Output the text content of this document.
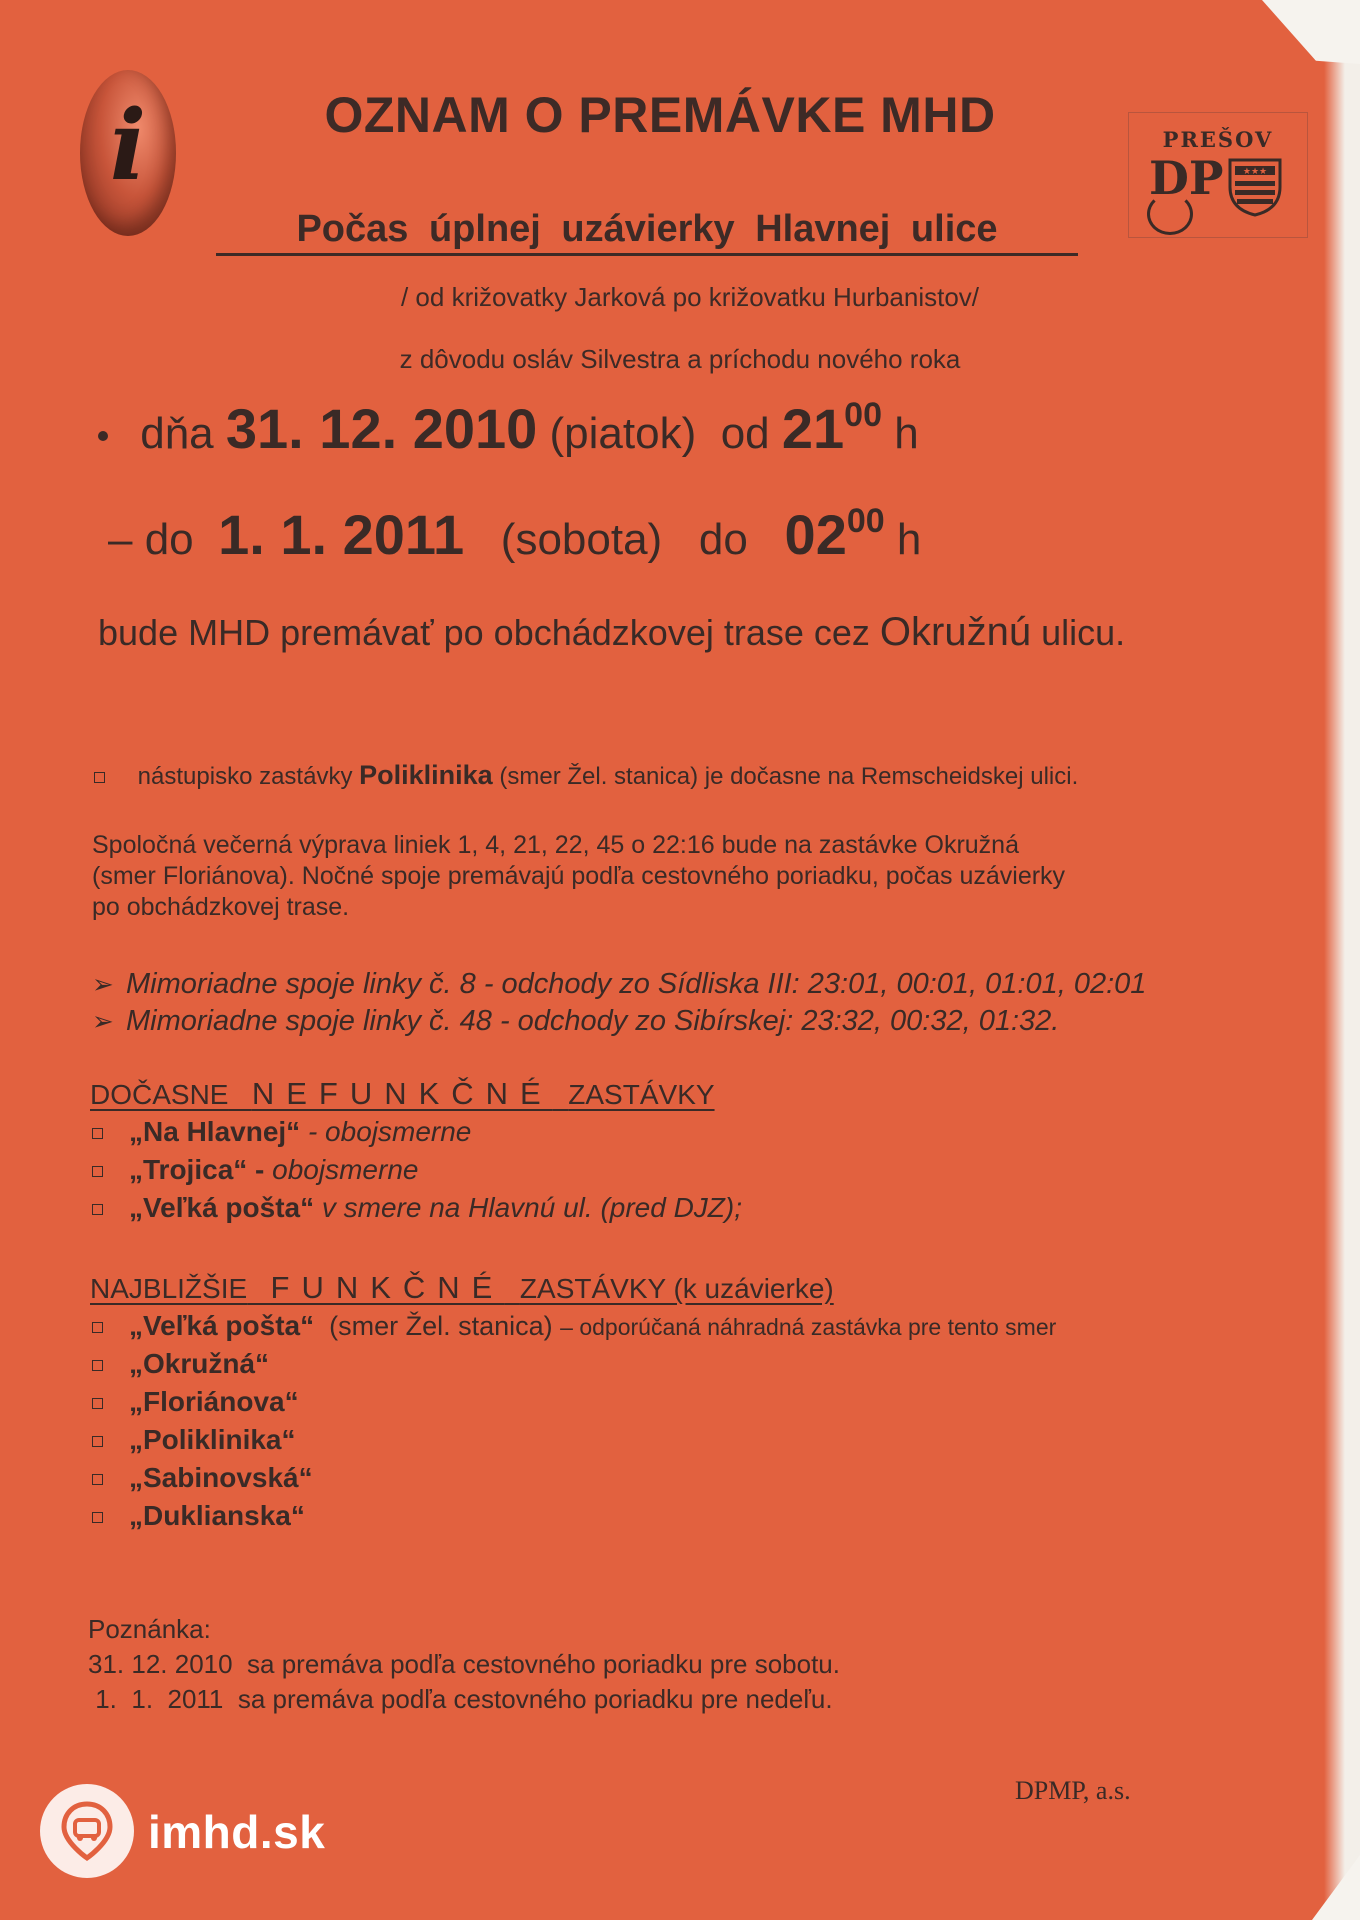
i	OZNAM O PREMÁVKE MHD	PREŠOV
DP ★★★
Počas úplnej uzávierky Hlavnej ulice
/ od križovatky Jarková po križovatku Hurbanistov/
z dôvodu osláv Silvestra a príchodu nového roka
dňa 31. 12. 2010 (piatok) od $21^{00}$ h
– do 1. 1. 2011 (sobota) do $02^{00}$ h
bude MHD premávať po obchádzkovej trase cez Okružnú ulicu.
nástupisko zastávky Poliklinika (smer Žel. stanica) je dočasne na Remscheidskej ulici.
Spoločná večerná výprava liniek 1, 4, 21, 22, 45 o 22:16 bude na zastávke Okružná
(smer Floriánova). Nočné spoje premávajú podľa cestovného poriadku, počas uzávierky
po obchádzkovej trase.
➢ Mimoriadne spoje linky č. 8 - odchody zo Sídliska III: 23:01, 00:01, 01:01, 02:01
➢ Mimoriadne spoje linky č. 48 - odchody zo Sibírskej: 23:32, 00:32, 01:32.
DOČASNE NEFUNKČNÉ ZASTÁVKY
„Na Hlavnej“ - obojsmerne
„Trojica“ - obojsmerne
„Veľká pošta“ v smere na Hlavnú ul. (pred DJZ);
NAJBLIŽŠIE FUNKČNÉ ZASTÁVKY (k uzávierke)
„Veľká pošta“ (smer Žel. stanica) – odporúčaná náhradná zastávka pre tento smer
„Okružná“
„Floriánova“
„Poliklinika“
„Sabinovská“
„Duklianska“
Poznánka:
31. 12. 2010  sa premáva podľa cestovného poriadku pre sobotu.
1.  1.  2011  sa premáva podľa cestovného poriadku pre nedeľu.
DPMP, a.s.
imhd.sk
